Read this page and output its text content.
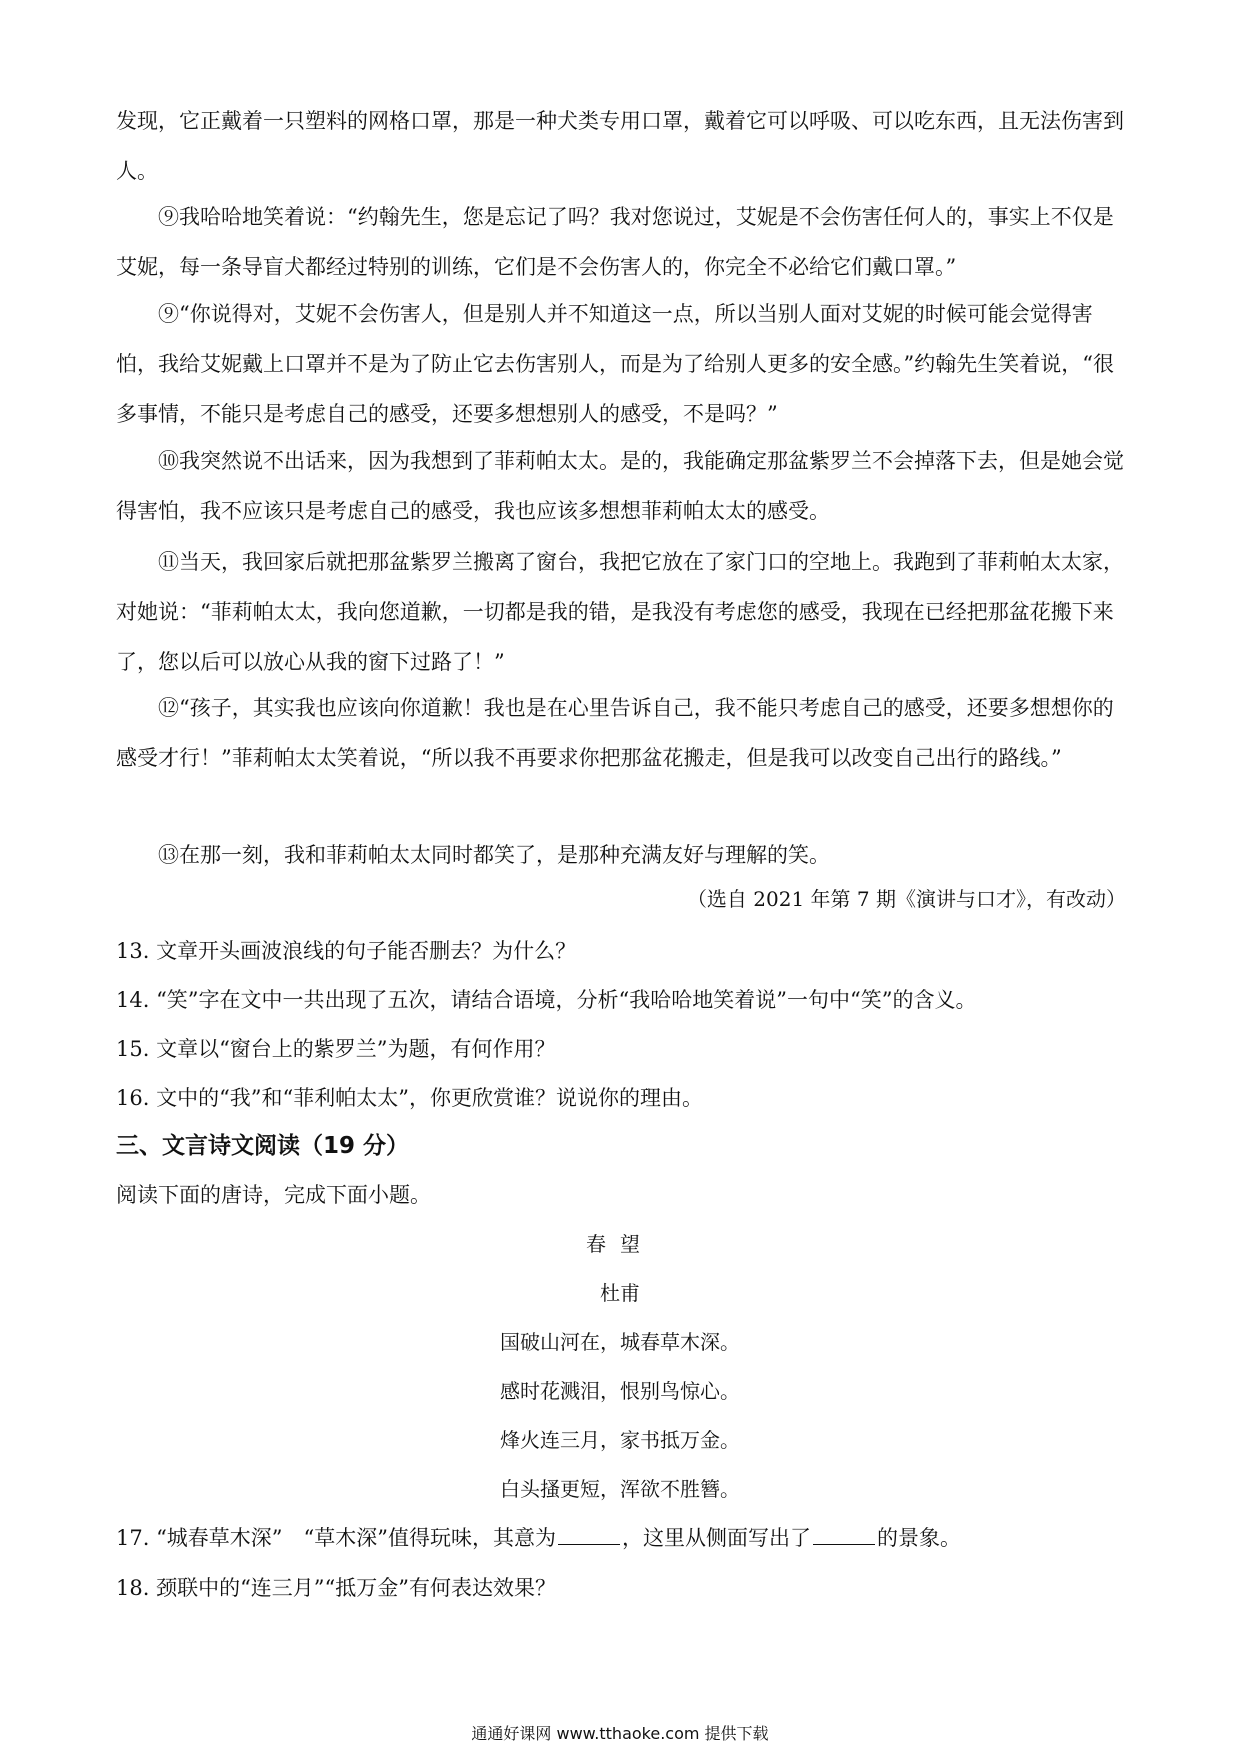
发现，它正戴着一只塑料的网格口罩，那是一种犬类专用口罩，戴着它可以呼吸、可以吃东西，且无法伤害到人。

⑨我哈哈地笑着说：“约翰先生，您是忘记了吗？我对您说过，艾妮是不会伤害任何人的，事实上不仅是艾妮，每一条导盲犬都经过特别的训练，它们是不会伤害人的，你完全不必给它们戴口罩。”

⑨“你说得对，艾妮不会伤害人，但是别人并不知道这一点，所以当别人面对艾妮的时候可能会觉得害怕，我给艾妮戴上口罩并不是为了防止它去伤害别人，而是为了给别人更多的安全感。”约翰先生笑着说，“很多事情，不能只是考虑自己的感受，还要多想想别人的感受，不是吗？”

⑩我突然说不出话来，因为我想到了菲莉帕太太。是的，我能确定那盆紫罗兰不会掉落下去，但是她会觉得害怕，我不应该只是考虑自己的感受，我也应该多想想菲莉帕太太的感受。

⑪当天，我回家后就把那盆紫罗兰搬离了窗台，我把它放在了家门口的空地上。我跑到了菲莉帕太太家，对她说：“菲莉帕太太，我向您道歉，一切都是我的错，是我没有考虑您的感受，我现在已经把那盆花搬下来了，您以后可以放心从我的窗下过路了！”

⑫“孩子，其实我也应该向你道歉！我也是在心里告诉自己，我不能只考虑自己的感受，还要多想想你的感受才行！”菲莉帕太太笑着说，“所以我不再要求你把那盆花搬走，但是我可以改变自己出行的路线。”

⑬在那一刻，我和菲莉帕太太同时都笑了，是那种充满友好与理解的笑。

（选自 2021 年第 7 期《演讲与口才》，有改动）

13. 文章开头画波浪线的句子能否删去？为什么？

14. “笑”字在文中一共出现了五次，请结合语境，分析“我哈哈地笑着说”一句中“笑”的含义。

15. 文章以“窗台上的紫罗兰”为题，有何作用？

16. 文中的“我”和“菲利帕太太”，你更欣赏谁？说说你的理由。

三、文言诗文阅读（19 分）

阅读下面的唐诗，完成下面小题。

春望
杜甫
国破山河在，城春草木深。
感时花溅泪，恨别鸟惊心。
烽火连三月，家书抵万金。
白头搔更短，浑欲不胜簪。

17. “城春草木深”　“草木深”值得玩味，其意为	，这里从侧面写出了	的景象。

18. 颈联中的“连三月”“抵万金”有何表达效果？

通通好课网 www.tthaoke.com 提供下载
